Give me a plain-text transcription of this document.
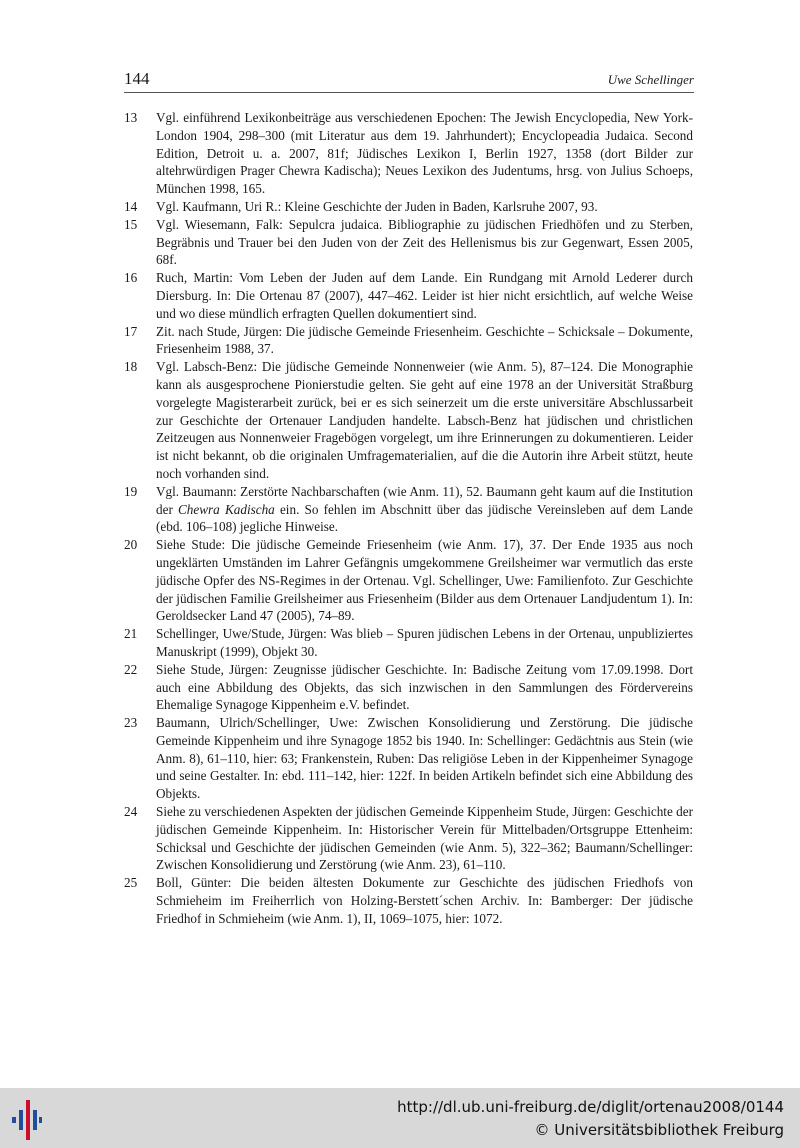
144	Uwe Schellinger
13	Vgl. einführend Lexikonbeiträge aus verschiedenen Epochen: The Jewish Encyclopedia, New York-London 1904, 298–300 (mit Literatur aus dem 19. Jahrhundert); Encyclopeadia Judaica. Second Edition, Detroit u. a. 2007, 81f; Jüdisches Lexikon I, Berlin 1927, 1358 (dort Bilder zur altehrwürdigen Prager Chewra Kadischa); Neues Lexikon des Judentums, hrsg. von Julius Schoeps, München 1998, 165.
14	Vgl. Kaufmann, Uri R.: Kleine Geschichte der Juden in Baden, Karlsruhe 2007, 93.
15	Vgl. Wiesemann, Falk: Sepulcra judaica. Bibliographie zu jüdischen Friedhöfen und zu Sterben, Begräbnis und Trauer bei den Juden von der Zeit des Hellenismus bis zur Gegenwart, Essen 2005, 68f.
16	Ruch, Martin: Vom Leben der Juden auf dem Lande. Ein Rundgang mit Arnold Lederer durch Diersburg. In: Die Ortenau 87 (2007), 447–462. Leider ist hier nicht ersichtlich, auf welche Weise und wo diese mündlich erfragten Quellen dokumentiert sind.
17	Zit. nach Stude, Jürgen: Die jüdische Gemeinde Friesenheim. Geschichte – Schicksale – Dokumente, Friesenheim 1988, 37.
18	Vgl. Labsch-Benz: Die jüdische Gemeinde Nonnenweier (wie Anm. 5), 87–124. Die Monographie kann als ausgesprochene Pionierstudie gelten. Sie geht auf eine 1978 an der Universität Straßburg vorgelegte Magisterarbeit zurück, bei er es sich seinerzeit um die erste universitäre Abschlussarbeit zur Geschichte der Ortenauer Landjuden handelte. Labsch-Benz hat jüdischen und christlichen Zeitzeugen aus Nonnenweier Fragebögen vorgelegt, um ihre Erinnerungen zu dokumentieren. Leider ist nicht bekannt, ob die originalen Umfragematerialien, auf die die Autorin ihre Arbeit stützt, heute noch vorhanden sind.
19	Vgl. Baumann: Zerstörte Nachbarschaften (wie Anm. 11), 52. Baumann geht kaum auf die Institution der Chewra Kadischa ein. So fehlen im Abschnitt über das jüdische Vereinsleben auf dem Lande (ebd. 106–108) jegliche Hinweise.
20	Siehe Stude: Die jüdische Gemeinde Friesenheim (wie Anm. 17), 37. Der Ende 1935 aus noch ungeklärten Umständen im Lahrer Gefängnis umgekommene Greilsheimer war vermutlich das erste jüdische Opfer des NS-Regimes in der Ortenau. Vgl. Schellinger, Uwe: Familienfoto. Zur Geschichte der jüdischen Familie Greilsheimer aus Friesenheim (Bilder aus dem Ortenauer Landjudentum 1). In: Geroldsecker Land 47 (2005), 74–89.
21	Schellinger, Uwe/Stude, Jürgen: Was blieb – Spuren jüdischen Lebens in der Ortenau, unpubliziertes Manuskript (1999), Objekt 30.
22	Siehe Stude, Jürgen: Zeugnisse jüdischer Geschichte. In: Badische Zeitung vom 17.09.1998. Dort auch eine Abbildung des Objekts, das sich inzwischen in den Sammlungen des Fördervereins Ehemalige Synagoge Kippenheim e.V. befindet.
23	Baumann, Ulrich/Schellinger, Uwe: Zwischen Konsolidierung und Zerstörung. Die jüdische Gemeinde Kippenheim und ihre Synagoge 1852 bis 1940. In: Schellinger: Gedächtnis aus Stein (wie Anm. 8), 61–110, hier: 63; Frankenstein, Ruben: Das religiöse Leben in der Kippenheimer Synagoge und seine Gestalter. In: ebd. 111–142, hier: 122f. In beiden Artikeln befindet sich eine Abbildung des Objekts.
24	Siehe zu verschiedenen Aspekten der jüdischen Gemeinde Kippenheim Stude, Jürgen: Geschichte der jüdischen Gemeinde Kippenheim. In: Historischer Verein für Mittelbaden/Ortsgruppe Ettenheim: Schicksal und Geschichte der jüdischen Gemeinden (wie Anm. 5), 322–362; Baumann/Schellinger: Zwischen Konsolidierung und Zerstörung (wie Anm. 23), 61–110.
25	Boll, Günter: Die beiden ältesten Dokumente zur Geschichte des jüdischen Friedhofs von Schmieheim im Freiherrlich von Holzing-Berstett´schen Archiv. In: Bamberger: Der jüdische Friedhof in Schmieheim (wie Anm. 1), II, 1069–1075, hier: 1072.
http://dl.ub.uni-freiburg.de/diglit/ortenau2008/0144
© Universitätsbibliothek Freiburg
